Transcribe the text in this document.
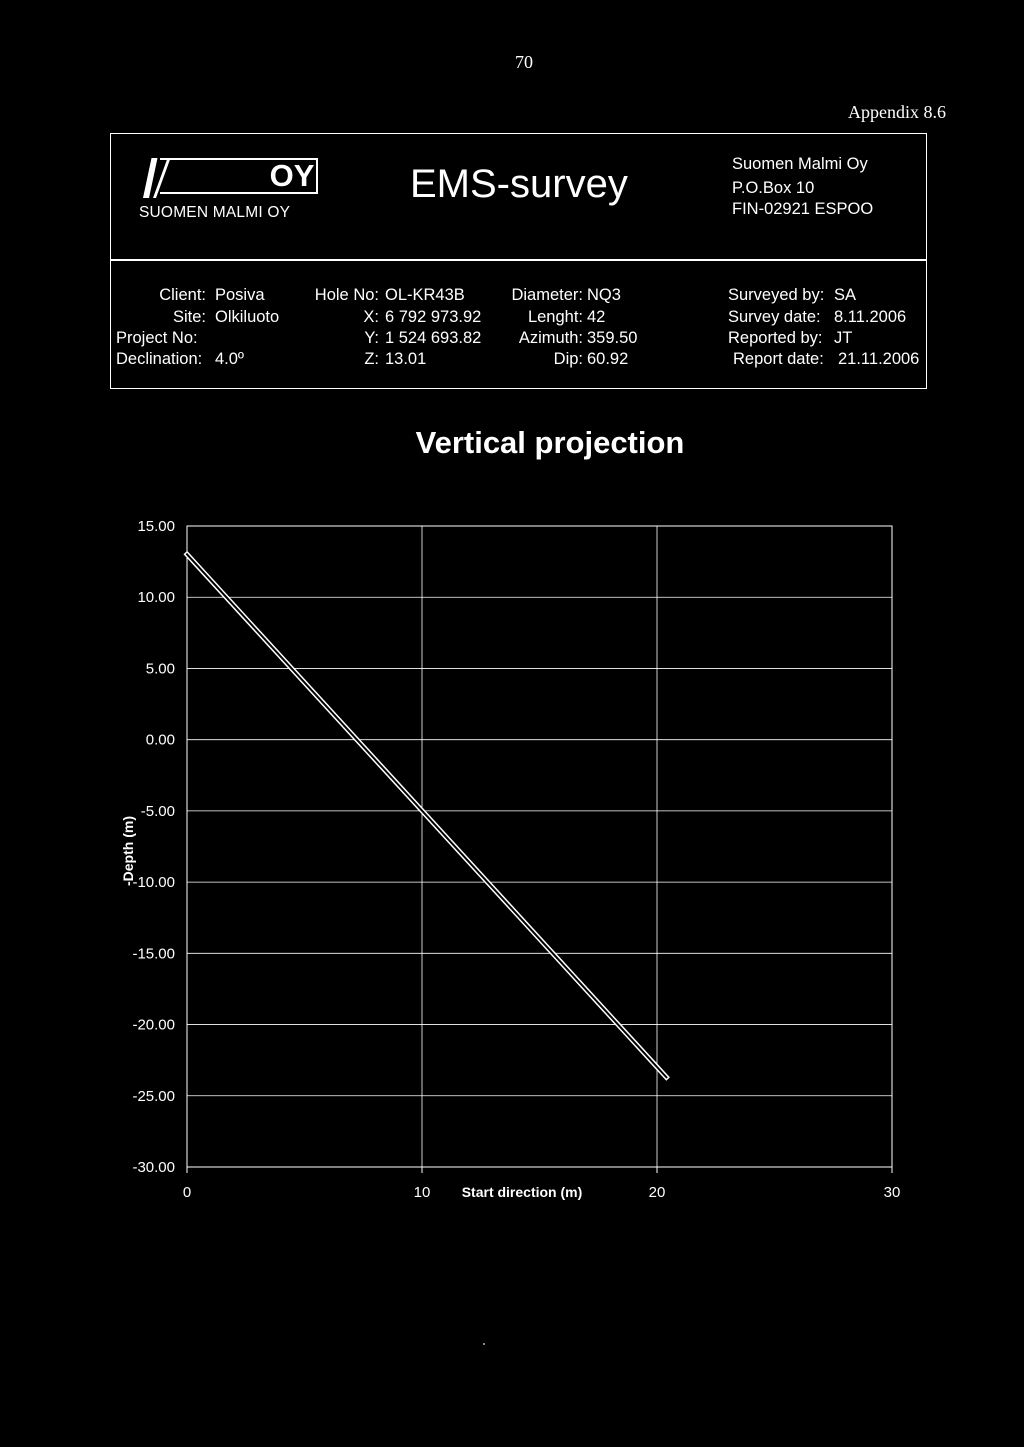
70
Appendix 8.6
OY
SUOMEN MALMI OY
EMS-survey	Suomen Malmi Oy
P.O.Box 10
FIN-02921 ESPOO
Client: Posiva
Site: Olkiluoto
Project No:
Declination: 4.0º
Hole No: OL-KR43B
X: 6 792 973.92
Y: 1 524 693.82
Z: 13.01
Diameter: NQ3
Lenght: 42
Azimuth: 359.50
Dip: 60.92
Surveyed by: SA
Survey date: 8.11.2006
Reported by: JT
Report date: 21.11.2006
Vertical projection
15.00
10.00
5.00
0.00
-5.00
-10.00
-15.00
-20.00
-25.00
-30.00
0	10	20	30
Start direction (m)
-Depth (m)
